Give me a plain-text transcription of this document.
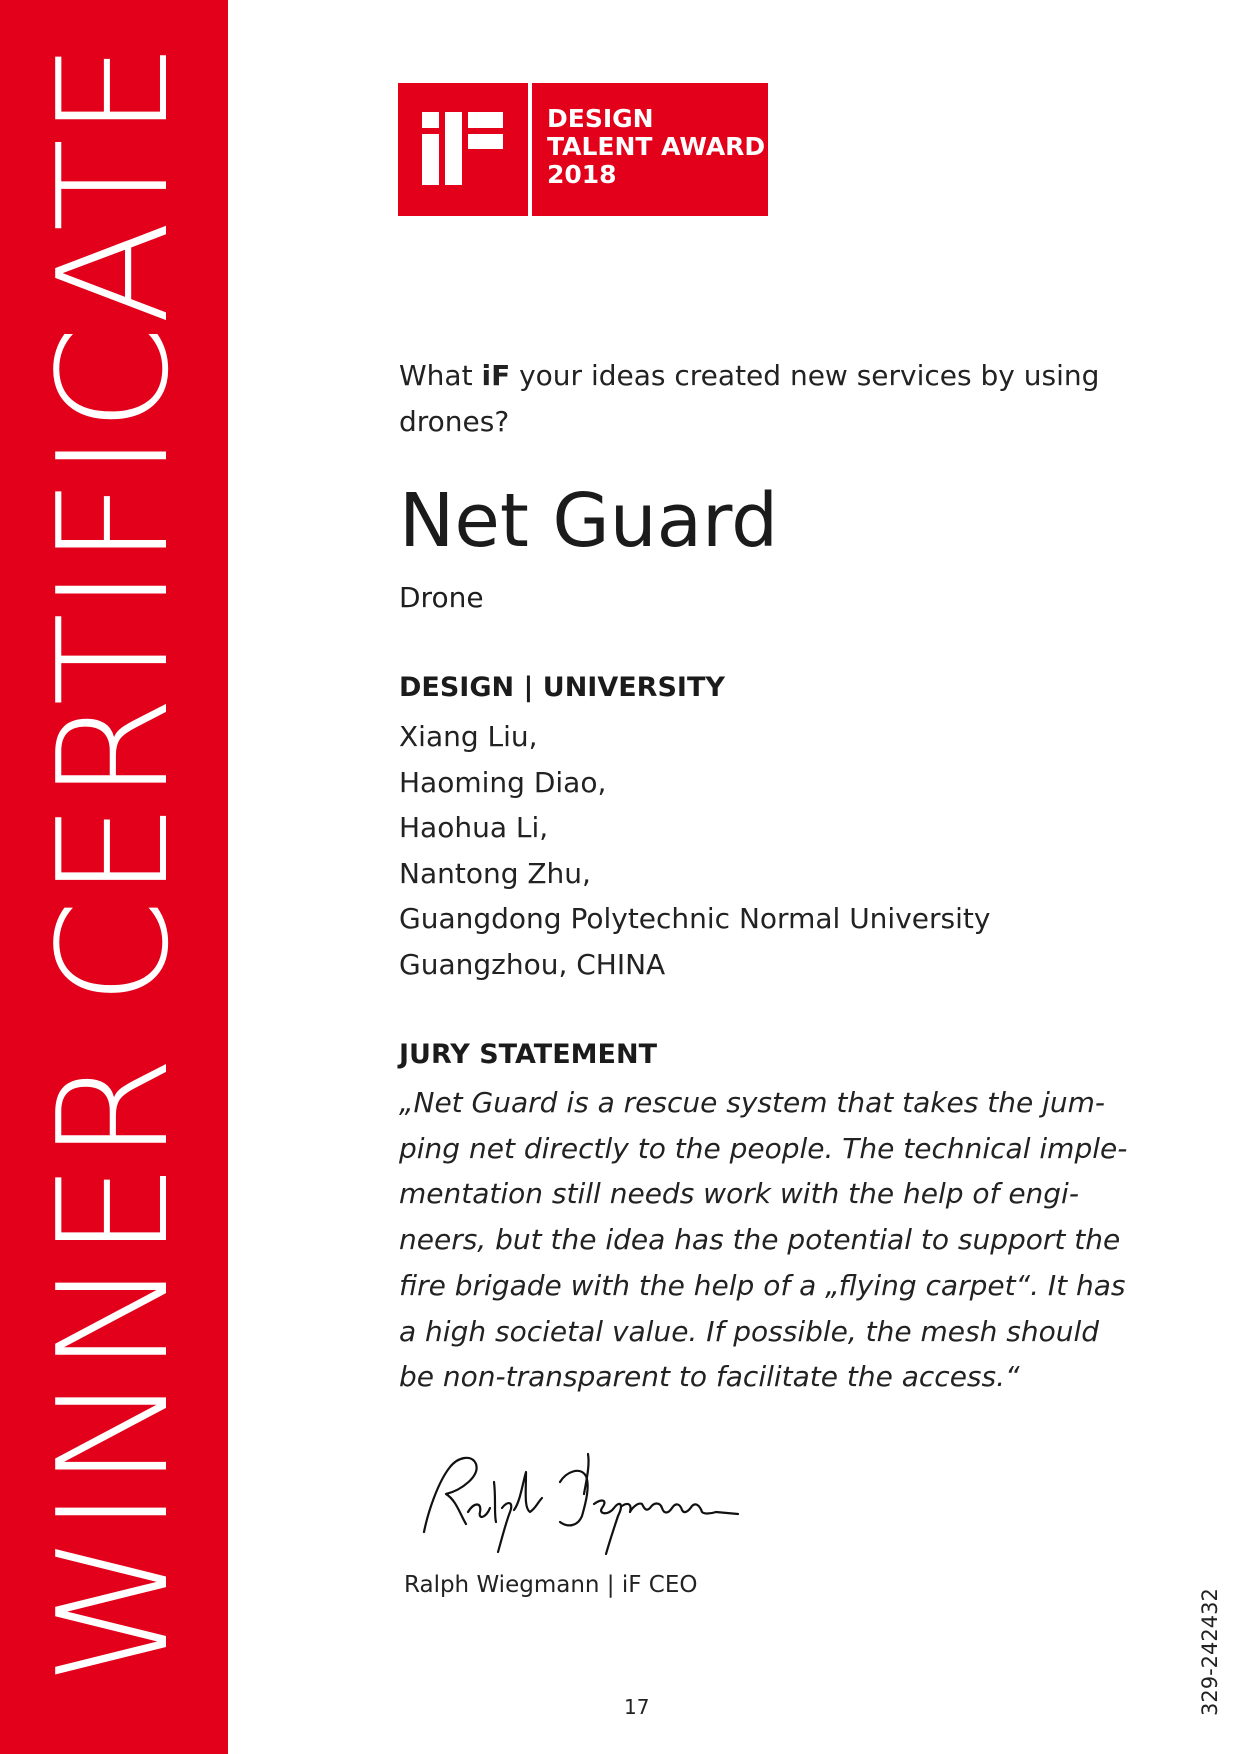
WINNER CERTIFICATE	DESIGN
TALENT AWARD
2018
What iF your ideas created new services by using drones?
Net Guard
Drone
DESIGN | UNIVERSITY
Xiang Liu,
Haoming Diao,
Haohua Li,
Nantong Zhu,
Guangdong Polytechnic Normal University
Guangzhou, CHINA
JURY STATEMENT
„Net Guard is a rescue system that takes the jum-
ping net directly to the people. The technical imple-
mentation still needs work with the help of engi-
neers, but the idea has the potential to support the
fire brigade with the help of a „flying carpet“. It has
a high societal value. If possible, the mesh should
be non-transparent to facilitate the access.“
Ralph Wiegmann | iF CEO
17	329-242432
